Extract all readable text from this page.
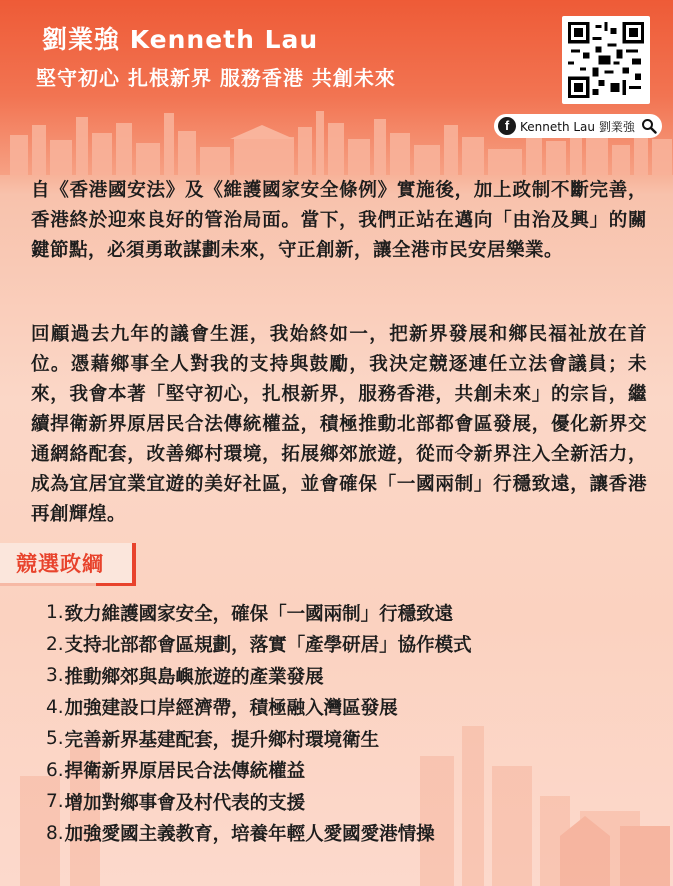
劉業強 Kenneth Lau
堅守初心 扎根新界 服務香港 共創未來
f Kenneth Lau 劉業強

自《香港國安法》及《維護國家安全條例》實施後，加上政制不斷完善，香港終於迎來良好的管治局面。當下，我們正站在邁向「由治及興」的關鍵節點，必須勇敢謀劃未來，守正創新，讓全港市民安居樂業。

回顧過去九年的議會生涯，我始終如一，把新界發展和鄉民福祉放在首位。憑藉鄉事全人對我的支持與鼓勵，我決定競逐連任立法會議員；未來，我會本著「堅守初心，扎根新界，服務香港，共創未來」的宗旨，繼續捍衛新界原居民合法傳統權益，積極推動北部都會區發展，優化新界交通網絡配套，改善鄉村環境，拓展鄉郊旅遊，從而令新界注入全新活力，成為宜居宜業宜遊的美好社區，並會確保「一國兩制」行穩致遠，讓香港再創輝煌。

競選政綱
1. 致力維護國家安全，確保「一國兩制」行穩致遠
2. 支持北部都會區規劃，落實「產學研居」協作模式
3. 推動鄉郊與島嶼旅遊的產業發展
4. 加強建設口岸經濟帶，積極融入灣區發展
5. 完善新界基建配套，提升鄉村環境衛生
6. 捍衛新界原居民合法傳統權益
7. 增加對鄉事會及村代表的支援
8. 加強愛國主義教育，培養年輕人愛國愛港情操
